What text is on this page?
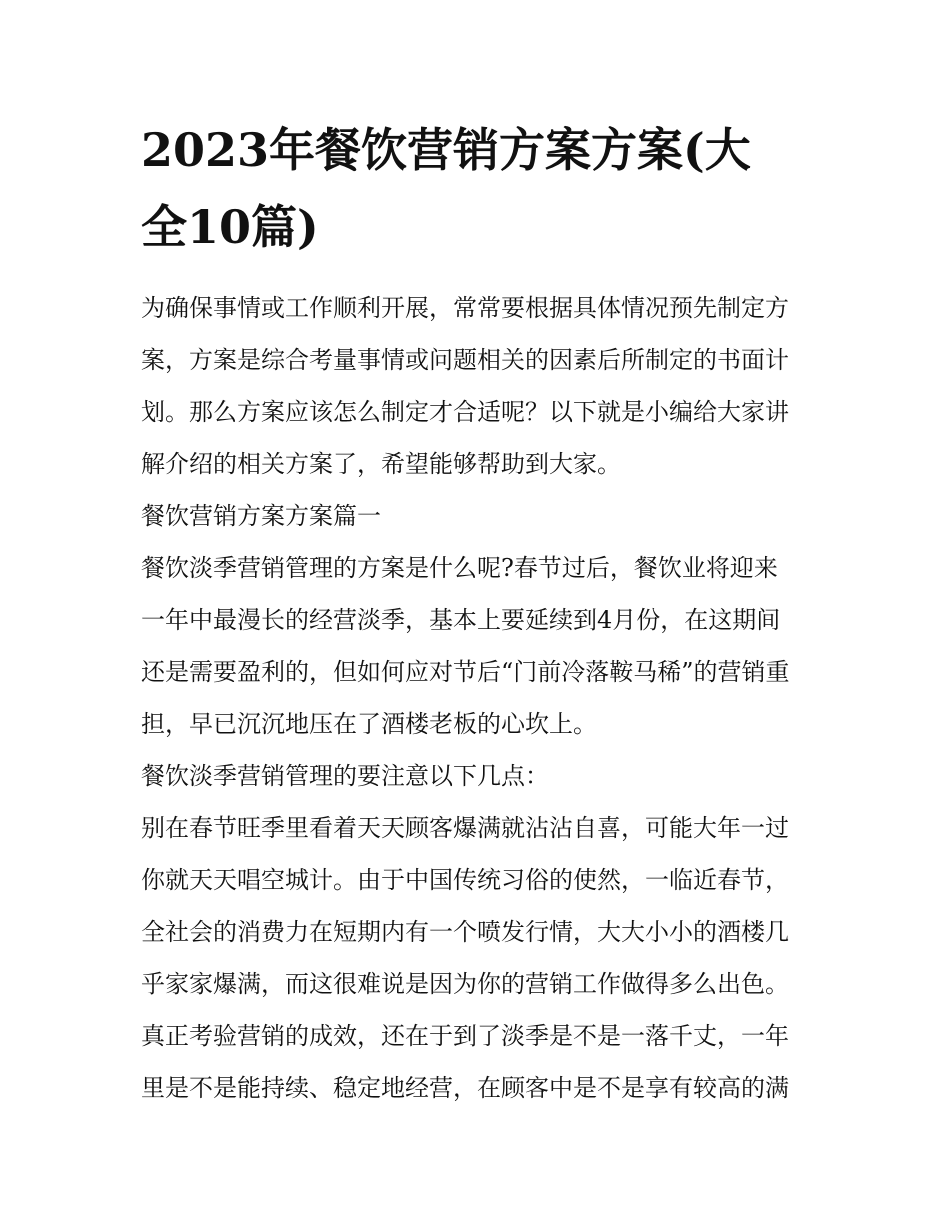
2023年餐饮营销方案方案(大
全10篇)

为确保事情或工作顺利开展，常常要根据具体情况预先制定方
案，方案是综合考量事情或问题相关的因素后所制定的书面计
划。那么方案应该怎么制定才合适呢？以下就是小编给大家讲
解介绍的相关方案了，希望能够帮助到大家。

餐饮营销方案方案篇一

餐饮淡季营销管理的方案是什么呢?春节过后，餐饮业将迎来
一年中最漫长的经营淡季，基本上要延续到4月份，在这期间
还是需要盈利的，但如何应对节后“门前冷落鞍马稀”的营销重
担，早已沉沉地压在了酒楼老板的心坎上。

餐饮淡季营销管理的要注意以下几点：

别在春节旺季里看着天天顾客爆满就沾沾自喜，可能大年一过
你就天天唱空城计。由于中国传统习俗的使然，一临近春节，
全社会的消费力在短期内有一个喷发行情，大大小小的酒楼几
乎家家爆满，而这很难说是因为你的营销工作做得多么出色。
真正考验营销的成效，还在于到了淡季是不是一落千丈，一年
里是不是能持续、稳定地经营，在顾客中是不是享有较高的满
